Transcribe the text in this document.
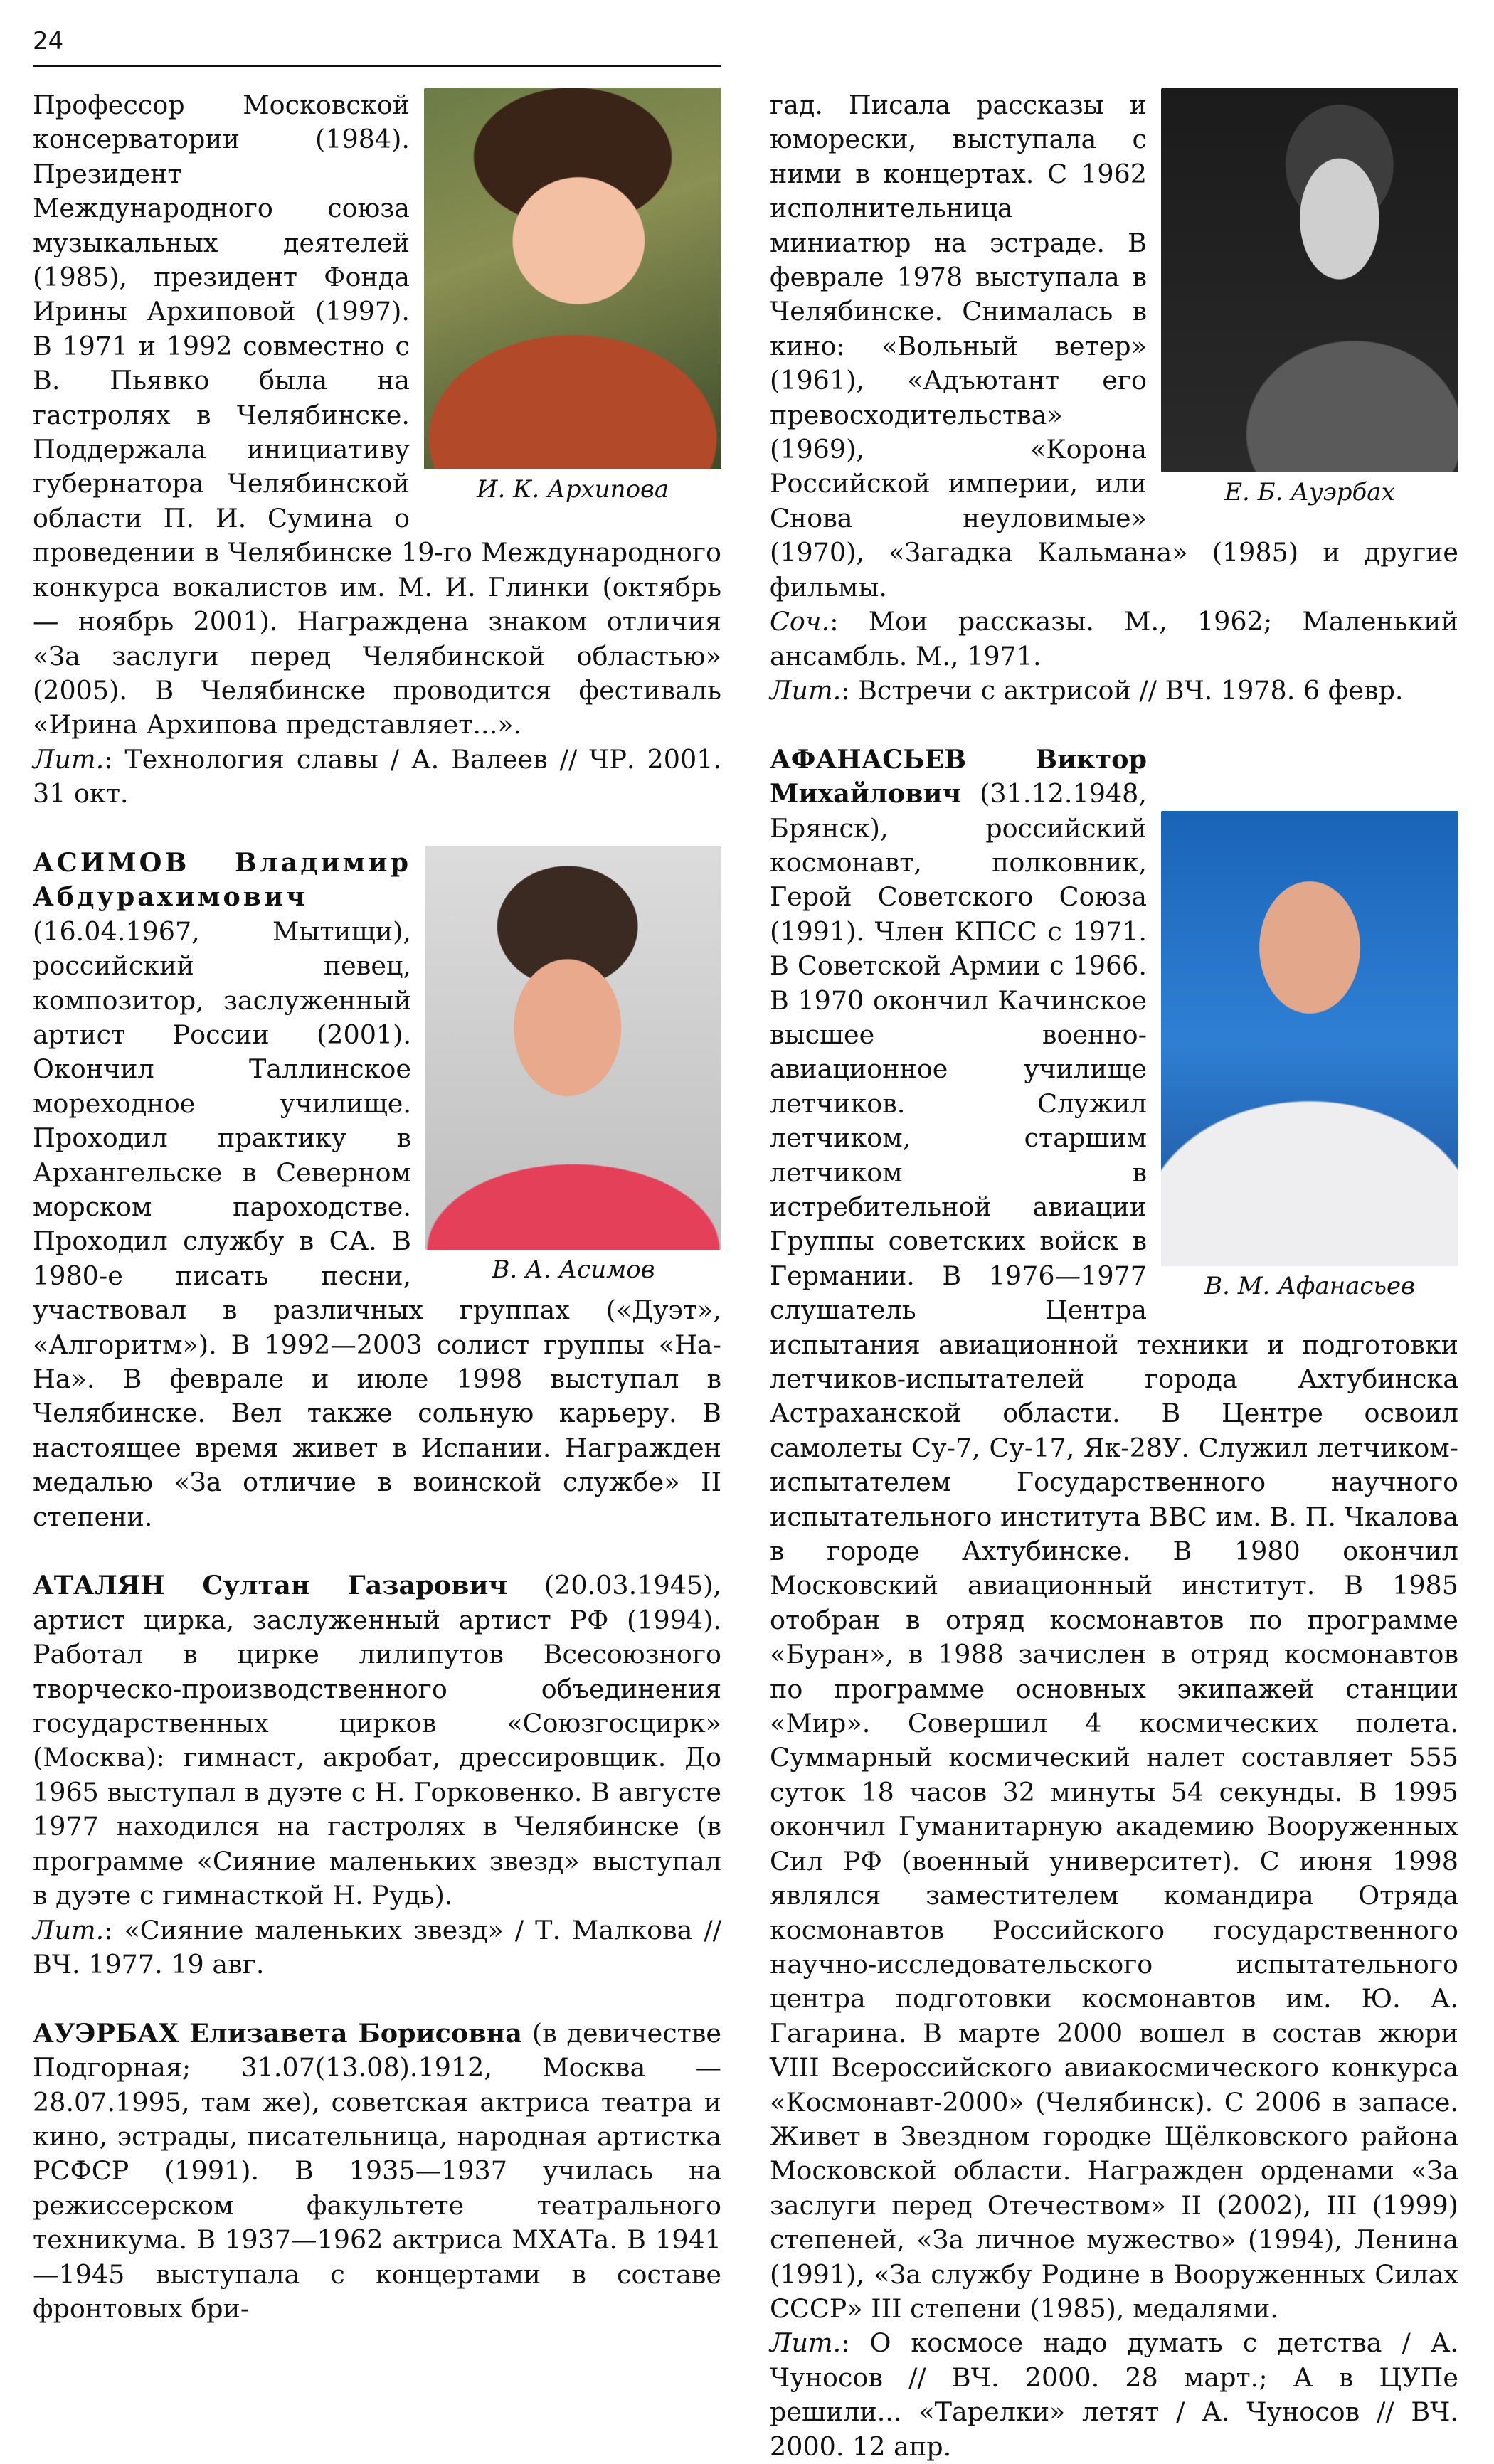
24
И. К. Архипова

Профессор Московской консерватории (1984). Президент Международного союза музыкальных деятелей (1985), президент Фонда Ирины Архиповой (1997). В 1971 и 1992 совместно с В. Пьявко была на гастролях в Челябинске. Поддержала инициативу губернатора Челябинской области П. И. Сумина о проведении в Челябинске 19-го Международного конкурса вокалистов им. М. И. Глинки (октябрь — ноябрь 2001). Награждена знаком отличия «За заслуги перед Челябинской областью» (2005). В Челябинске проводится фестиваль «Ирина Архипова представляет...».

Лит.: Технология славы / А. Валеев // ЧР. 2001. 31 окт.

В. А. Асимов

АСИМОВ Владимир Абдурахимович (16.04.1967, Мытищи), российский певец, композитор, заслуженный артист России (2001). Окончил Таллинское мореходное училище. Проходил практику в Архангельске в Северном морском пароходстве. Проходил службу в СА. В 1980-е писать песни, участвовал в различных группах («Дуэт», «Алгоритм»). В 1992—2003 солист группы «На-На». В феврале и июле 1998 выступал в Челябинске. Вел также сольную карьеру. В настоящее время живет в Испании. Награжден медалью «За отличие в воинской службе» II степени.

АТАЛЯН Султан Газарович (20.03.1945), артист цирка, заслуженный артист РФ (1994). Работал в цирке лилипутов Всесоюзного творческо-производственного объединения государственных цирков «Союзгосцирк» (Москва): гимнаст, акробат, дрессировщик. До 1965 выступал в дуэте с Н. Горковенко. В августе 1977 находился на гастролях в Челябинске (в программе «Сияние маленьких звезд» выступал в дуэте с гимнасткой Н. Рудь).

Лит.: «Сияние маленьких звезд» / Т. Малкова // ВЧ. 1977. 19 авг.

АУЭРБАХ Елизавета Борисовна (в девичестве Подгорная; 31.07(13.08).1912, Москва — 28.07.1995, там же), советская актриса театра и кино, эстрады, писательница, народная артистка РСФСР (1991). В 1935—1937 училась на режиссерском факультете театрального техникума. В 1937—1962 актриса МХАТа. В 1941—1945 выступала с концертами в составе фронтовых бри-

Е. Б. Ауэрбах

гад. Писала рассказы и юморески, выступала с ними в концертах. С 1962 исполнительница миниатюр на эстраде. В феврале 1978 выступала в Челябинске. Снималась в кино: «Вольный ветер» (1961), «Адъютант его превосходительства» (1969), «Корона Российской империи, или Снова неуловимые» (1970), «Загадка Кальмана» (1985) и другие фильмы.

Соч.: Мои рассказы. М., 1962; Маленький ансамбль. М., 1971.

Лит.: Встречи с актрисой // ВЧ. 1978. 6 февр.

В. М. Афанасьев

АФАНАСЬЕВ Виктор Михайлович (31.12.1948, Брянск), российский космонавт, полковник, Герой Советского Союза (1991). Член КПСС с 1971. В Советской Армии с 1966. В 1970 окончил Качинское высшее военно-авиационное училище летчиков. Служил летчиком, старшим летчиком в истребительной авиации Группы советских войск в Германии. В 1976—1977 слушатель Центра испытания авиационной техники и подготовки летчиков-испытателей города Ахтубинска Астраханской области. В Центре освоил самолеты Су-7, Су-17, Як-28У. Служил летчиком-испытателем Государственного научного испытательного института ВВС им. В. П. Чкалова в городе Ахтубинске. В 1980 окончил Московский авиационный институт. В 1985 отобран в отряд космонавтов по программе «Буран», в 1988 зачислен в отряд космонавтов по программе основных экипажей станции «Мир». Совершил 4 космических полета. Суммарный космический налет составляет 555 суток 18 часов 32 минуты 54 секунды. В 1995 окончил Гуманитарную академию Вооруженных Сил РФ (военный университет). С июня 1998 являлся заместителем командира Отряда космонавтов Российского государственного научно-исследовательского испытательного центра подготовки космонавтов им. Ю. А. Гагарина. В марте 2000 вошел в состав жюри VIII Всероссийского авиакосмического конкурса «Космонавт-2000» (Челябинск). С 2006 в запасе. Живет в Звездном городке Щёлковского района Московской области. Награжден орденами «За заслуги перед Отечеством» II (2002), III (1999) степеней, «За личное мужество» (1994), Ленина (1991), «За службу Родине в Вооруженных Силах СССР» III степени (1985), медалями.

Лит.: О космосе надо думать с детства / А. Чуносов // ВЧ. 2000. 28 март.; А в ЦУПе решили... «Тарелки» летят / А. Чуносов // ВЧ. 2000. 12 апр.
